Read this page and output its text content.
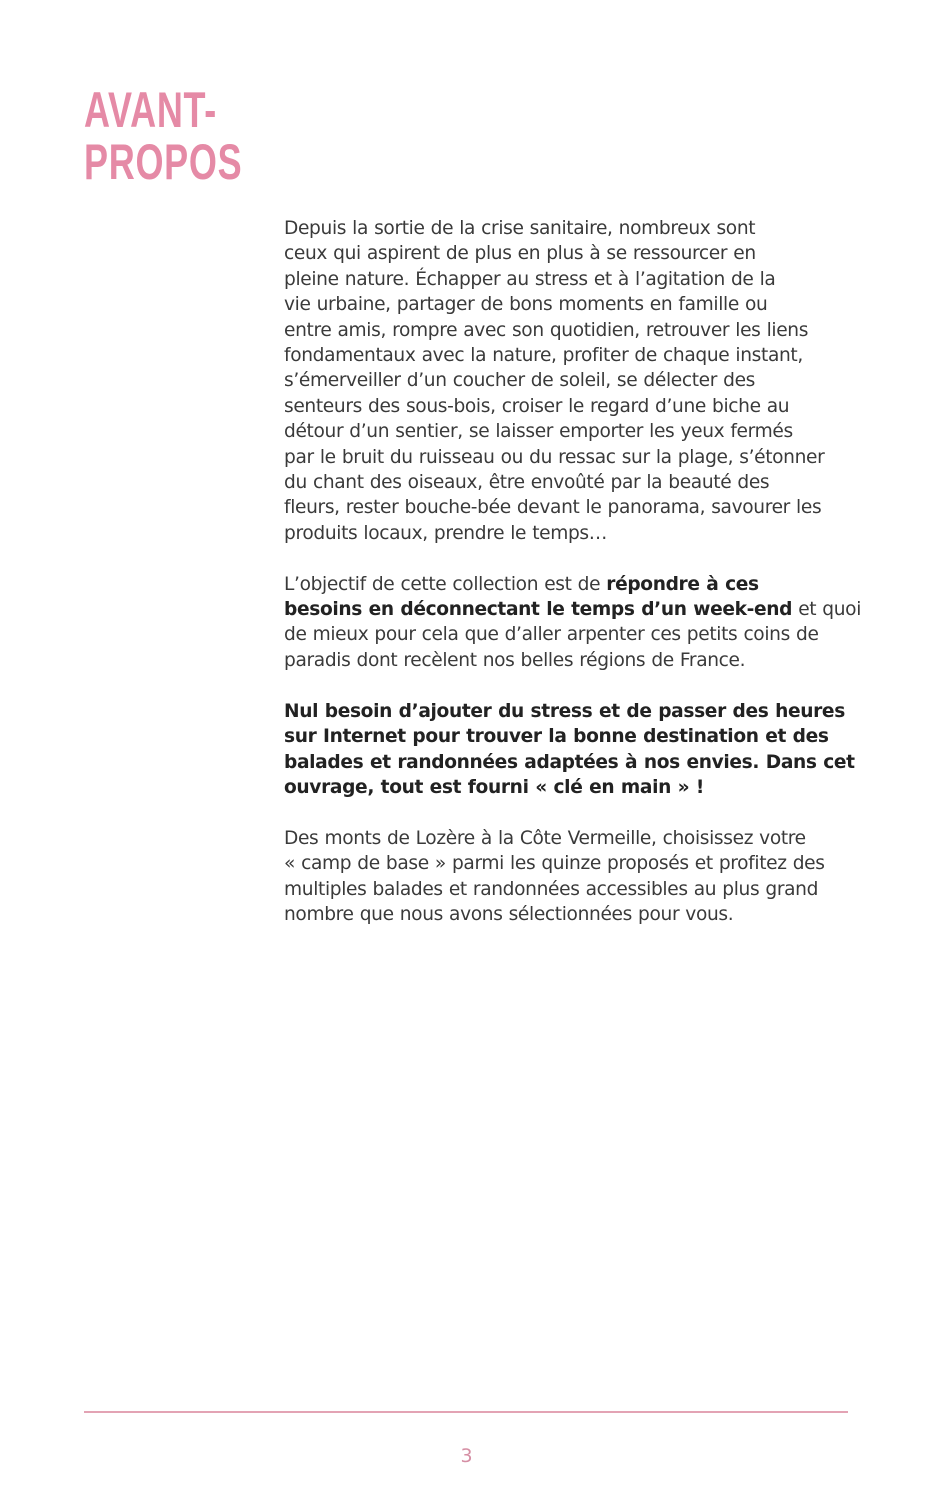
AVANT-
PROPOS

Depuis la sortie de la crise sanitaire, nombreux sont
ceux qui aspirent de plus en plus à se ressourcer en
pleine nature. Échapper au stress et à l’agitation de la
vie urbaine, partager de bons moments en famille ou
entre amis, rompre avec son quotidien, retrouver les liens
fondamentaux avec la nature, profiter de chaque instant,
s’émerveiller d’un coucher de soleil, se délecter des
senteurs des sous-bois, croiser le regard d’une biche au
détour d’un sentier, se laisser emporter les yeux fermés
par le bruit du ruisseau ou du ressac sur la plage, s’étonner
du chant des oiseaux, être envoûté par la beauté des
fleurs, rester bouche-bée devant le panorama, savourer les
produits locaux, prendre le temps…

L’objectif de cette collection est de répondre à ces
besoins en déconnectant le temps d’un week-end et quoi
de mieux pour cela que d’aller arpenter ces petits coins de
paradis dont recèlent nos belles régions de France.

Nul besoin d’ajouter du stress et de passer des heures
sur Internet pour trouver la bonne destination et des
balades et randonnées adaptées à nos envies. Dans cet
ouvrage, tout est fourni « clé en main » !

Des monts de Lozère à la Côte Vermeille, choisissez votre
« camp de base » parmi les quinze proposés et profitez des
multiples balades et randonnées accessibles au plus grand
nombre que nous avons sélectionnées pour vous.

3
